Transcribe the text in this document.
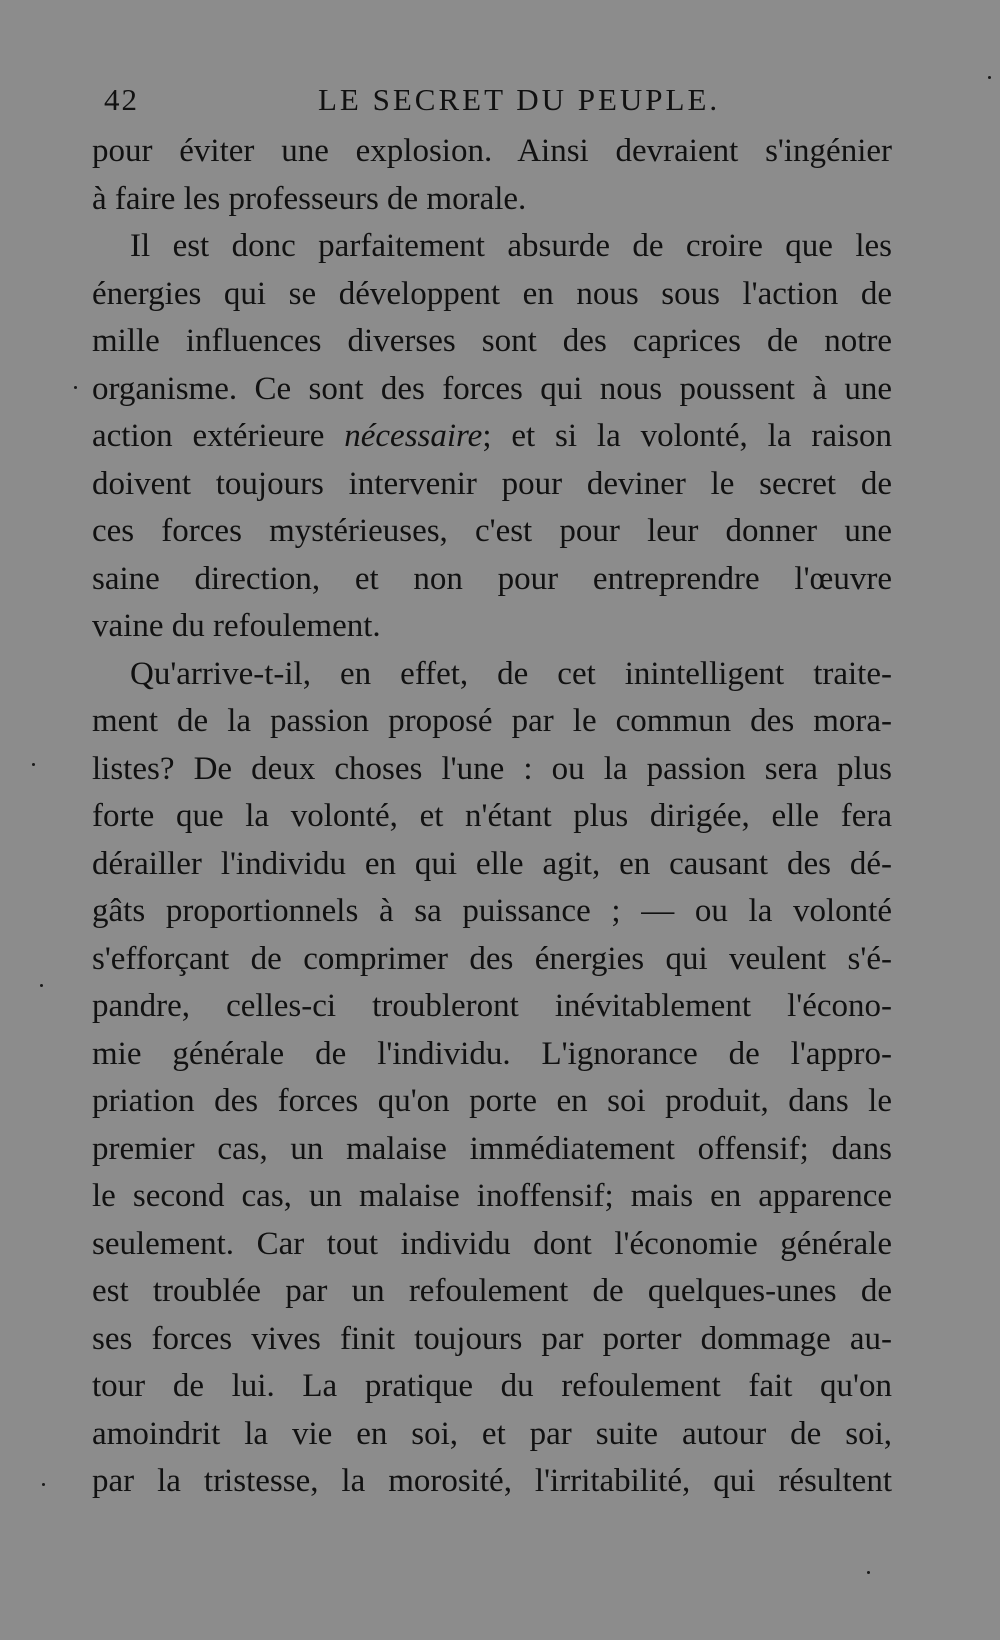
42	LE SECRET DU PEUPLE.
pour éviter une explosion. Ainsi devraient s'ingénier
à faire les professeurs de morale.
Il est donc parfaitement absurde de croire que les
énergies qui se développent en nous sous l'action de
mille influences diverses sont des caprices de notre
organisme. Ce sont des forces qui nous poussent à une
action extérieure nécessaire; et si la volonté, la raison
doivent toujours intervenir pour deviner le secret de
ces forces mystérieuses, c'est pour leur donner une
saine direction, et non pour entreprendre l'œuvre
vaine du refoulement.
Qu'arrive-t-il, en effet, de cet inintelligent traite-
ment de la passion proposé par le commun des mora-
listes? De deux choses l'une : ou la passion sera plus
forte que la volonté, et n'étant plus dirigée, elle fera
dérailler l'individu en qui elle agit, en causant des dé-
gâts proportionnels à sa puissance ; — ou la volonté
s'efforçant de comprimer des énergies qui veulent s'é-
pandre, celles-ci troubleront inévitablement l'écono-
mie générale de l'individu. L'ignorance de l'appro-
priation des forces qu'on porte en soi produit, dans le
premier cas, un malaise immédiatement offensif; dans
le second cas, un malaise inoffensif; mais en apparence
seulement. Car tout individu dont l'économie générale
est troublée par un refoulement de quelques-unes de
ses forces vives finit toujours par porter dommage au-
tour de lui. La pratique du refoulement fait qu'on
amoindrit la vie en soi, et par suite autour de soi,
par la tristesse, la morosité, l'irritabilité, qui résultent
